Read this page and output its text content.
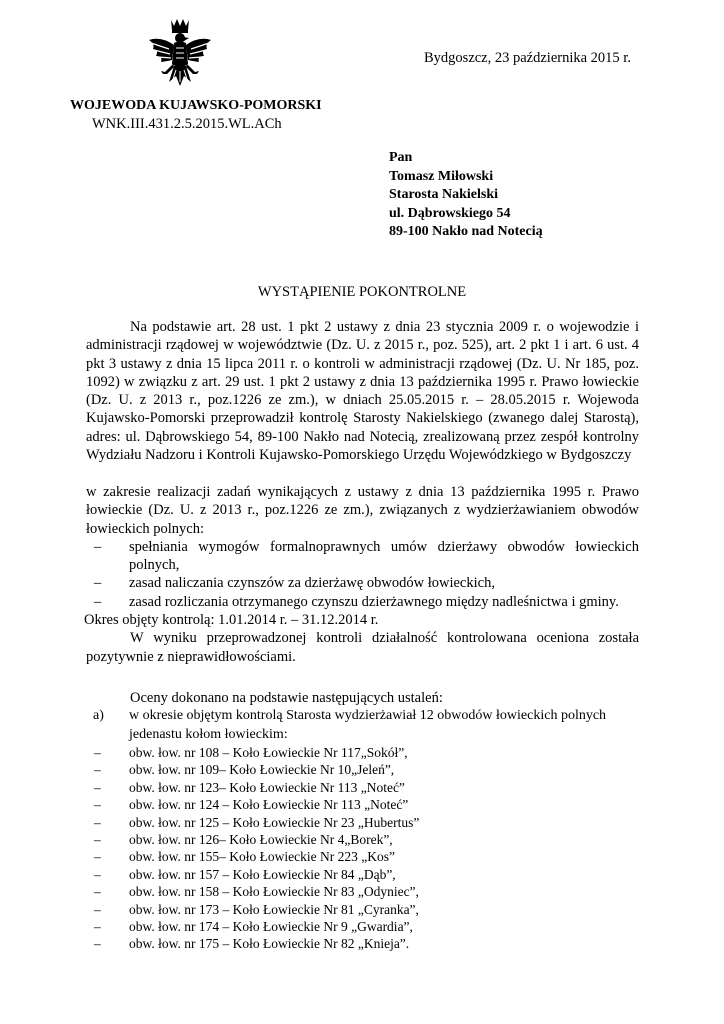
Bydgoszcz, 23 października 2015 r.
WOJEWODA KUJAWSKO-POMORSKI
WNK.III.431.2.5.2015.WL.ACh
Pan
Tomasz Miłowski
Starosta Nakielski
ul. Dąbrowskiego 54
89-100 Nakło nad Notecią
WYSTĄPIENIE POKONTROLNE
Na podstawie art. 28 ust. 1 pkt 2 ustawy z dnia 23 stycznia 2009 r. o wojewodzie i administracji rządowej w województwie (Dz. U. z 2015 r., poz. 525), art. 2 pkt 1 i art. 6 ust. 4 pkt 3 ustawy z dnia 15 lipca 2011 r. o kontroli w administracji rządowej (Dz. U. Nr 185, poz. 1092) w związku z art. 29 ust. 1 pkt 2 ustawy z dnia 13 października 1995 r. Prawo łowieckie (Dz. U. z 2013 r., poz.1226 ze zm.), w dniach 25.05.2015 r. – 28.05.2015 r. Wojewoda Kujawsko-Pomorski przeprowadził kontrolę Starosty Nakielskiego (zwanego dalej Starostą), adres: ul. Dąbrowskiego 54, 89-100 Nakło nad Notecią, zrealizowaną przez zespół kontrolny Wydziału Nadzoru i Kontroli Kujawsko-Pomorskiego Urzędu Wojewódzkiego w Bydgoszczy
w zakresie realizacji zadań wynikających z ustawy z dnia 13 października 1995 r. Prawo łowieckie (Dz. U. z 2013 r., poz.1226 ze zm.), związanych z wydzierżawianiem obwodów łowieckich polnych:
– spełniania wymogów formalnoprawnych umów dzierżawy obwodów łowieckich polnych,
– zasad naliczania czynszów za dzierżawę obwodów łowieckich,
– zasad rozliczania otrzymanego czynszu dzierżawnego między nadleśnictwa i gminy.
Okres objęty kontrolą: 1.01.2014 r. – 31.12.2014 r.
W wyniku przeprowadzonej kontroli działalność kontrolowana oceniona została pozytywnie z nieprawidłowościami.
Oceny dokonano na podstawie następujących ustaleń:
a) w okresie objętym kontrolą Starosta wydzierżawiał 12 obwodów łowieckich polnych jedenastu kołom łowieckim:
– obw. łow. nr 108 – Koło Łowieckie Nr 117„Sokół”,
– obw. łow. nr 109– Koło Łowieckie Nr 10„Jeleń”,
– obw. łow. nr 123– Koło Łowieckie Nr 113 „Noteć”
– obw. łow. nr 124 – Koło Łowieckie Nr 113 „Noteć”
– obw. łow. nr 125 – Koło Łowieckie Nr 23 „Hubertus”
– obw. łow. nr 126– Koło Łowieckie Nr 4„Borek”,
– obw. łow. nr 155– Koło Łowieckie Nr 223 „Kos”
– obw. łow. nr 157 – Koło Łowieckie Nr 84 „Dąb”,
– obw. łow. nr 158 – Koło Łowieckie Nr 83 „Odyniec”,
– obw. łow. nr 173 – Koło Łowieckie Nr 81 „Cyranka”,
– obw. łow. nr 174 – Koło Łowieckie Nr 9 „Gwardia”,
– obw. łow. nr 175 – Koło Łowieckie Nr 82 „Knieja”.
